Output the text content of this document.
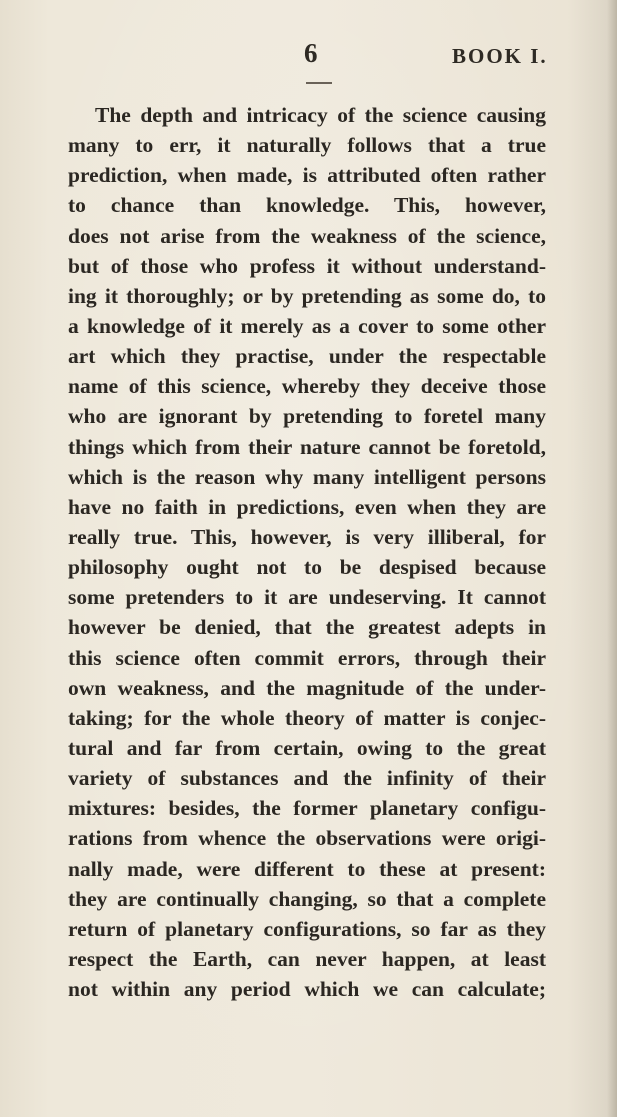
6	BOOK I.
The depth and intricacy of the science causing
many to err, it naturally follows that a true
prediction, when made, is attributed often rather
to chance than knowledge. This, however,
does not arise from the weakness of the science,
but of those who profess it without understand-
ing it thoroughly; or by pretending as some do, to
a knowledge of it merely as a cover to some other
art which they practise, under the respectable
name of this science, whereby they deceive those
who are ignorant by pretending to foretel many
things which from their nature cannot be foretold,
which is the reason why many intelligent persons
have no faith in predictions, even when they are
really true. This, however, is very illiberal, for
philosophy ought not to be despised because
some pretenders to it are undeserving. It cannot
however be denied, that the greatest adepts in
this science often commit errors, through their
own weakness, and the magnitude of the under-
taking; for the whole theory of matter is conjec-
tural and far from certain, owing to the great
variety of substances and the infinity of their
mixtures: besides, the former planetary configu-
rations from whence the observations were origi-
nally made, were different to these at present:
they are continually changing, so that a complete
return of planetary configurations, so far as they
respect the Earth, can never happen, at least
not within any period which we can calculate;
